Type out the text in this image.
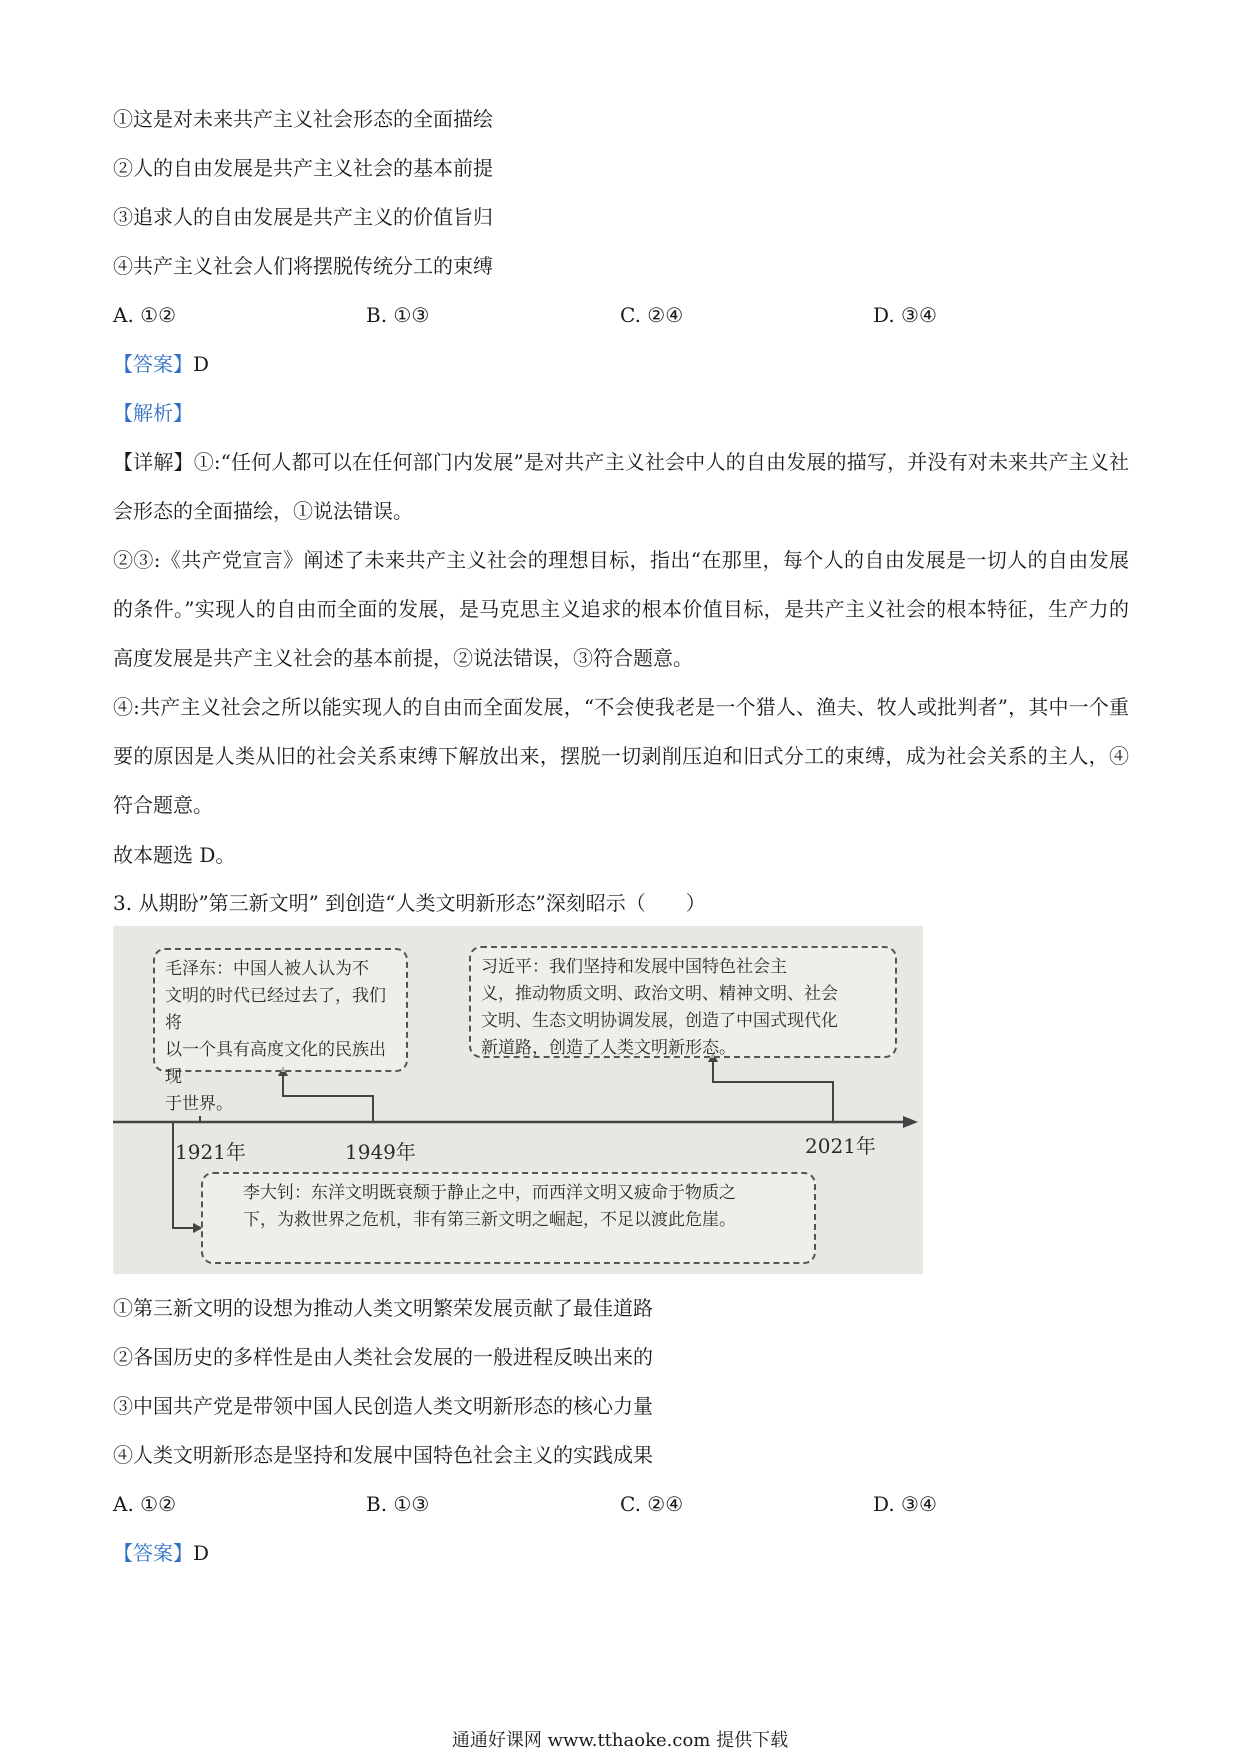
①这是对未来共产主义社会形态的全面描绘
②人的自由发展是共产主义社会的基本前提
③追求人的自由发展是共产主义的价值旨归
④共产主义社会人们将摆脱传统分工的束缚
A. ①②	B. ①③	C. ②④	D. ③④
【答案】D
【解析】
【详解】①:“任何人都可以在任何部门内发展”是对共产主义社会中人的自由发展的描写，并没有对未来共产主义社会形态的全面描绘，①说法错误。
②③:《共产党宣言》阐述了未来共产主义社会的理想目标，指出“在那里，每个人的自由发展是一切人的自由发展的条件。”实现人的自由而全面的发展，是马克思主义追求的根本价值目标，是共产主义社会的根本特征，生产力的高度发展是共产主义社会的基本前提，②说法错误，③符合题意。
④:共产主义社会之所以能实现人的自由而全面发展，“不会使我老是一个猎人、渔夫、牧人或批判者”，其中一个重要的原因是人类从旧的社会关系束缚下解放出来，摆脱一切剥削压迫和旧式分工的束缚，成为社会关系的主人，④符合题意。
故本题选 D。
3. 从期盼”第三新文明” 到创造“人类文明新形态”深刻昭示（　　）
毛泽东：中国人被人认为不
文明的时代已经过去了，我们将
以一个具有高度文化的民族出现
于世界。
习近平：我们坚持和发展中国特色社会主
义，推动物质文明、政治文明、精神文明、社会
文明、生态文明协调发展，创造了中国式现代化
新道路，创造了人类文明新形态。
李大钊：东洋文明既衰颓于静止之中，而西洋文明又疲命于物质之
下，为救世界之危机，非有第三新文明之崛起，不足以渡此危崖。
1921年	1949年	2021年
①第三新文明的设想为推动人类文明繁荣发展贡献了最佳道路
②各国历史的多样性是由人类社会发展的一般进程反映出来的
③中国共产党是带领中国人民创造人类文明新形态的核心力量
④人类文明新形态是坚持和发展中国特色社会主义的实践成果
A. ①②	B. ①③	C. ②④	D. ③④
【答案】D
通通好课网 www.tthaoke.com 提供下载
